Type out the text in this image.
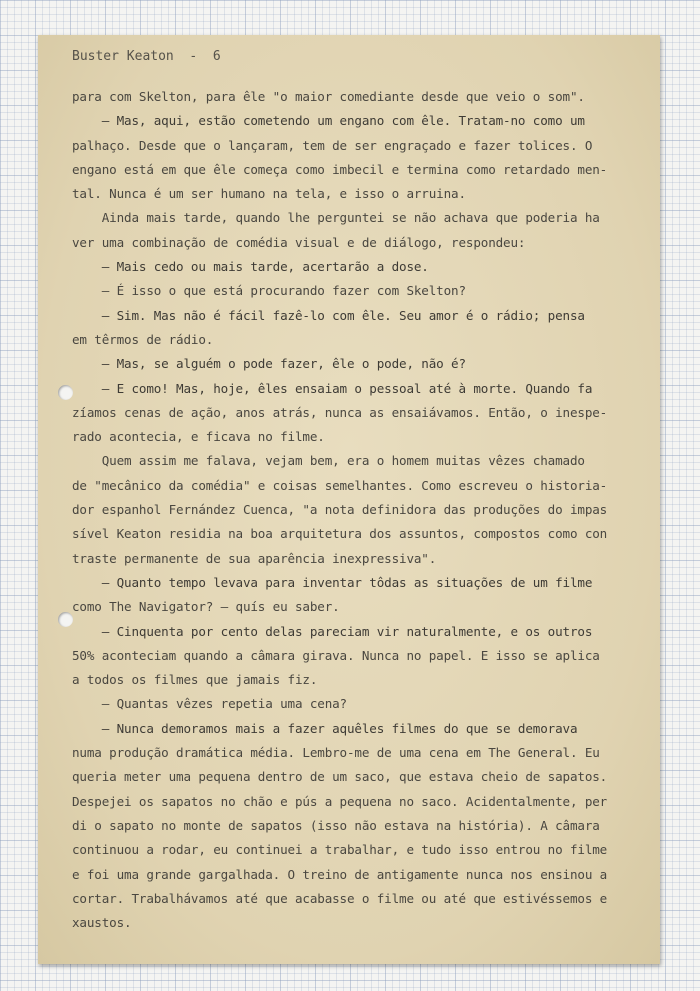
Buster Keaton  -  6
para com Skelton, para êle "o maior comediante desde que veio o som".
— Mas, aqui, estão cometendo um engano com êle. Tratam-no como um
palhaço. Desde que o lançaram, tem de ser engraçado e fazer tolices. O
engano está em que êle começa como imbecil e termina como retardado men-
tal. Nunca é um ser humano na tela, e isso o arruina.
Ainda mais tarde, quando lhe perguntei se não achava que poderia ha
ver uma combinação de comédia visual e de diálogo, respondeu:
— Mais cedo ou mais tarde, acertarão a dose.
— É isso o que está procurando fazer com Skelton?
— Sim. Mas não é fácil fazê-lo com êle. Seu amor é o rádio; pensa
em têrmos de rádio.
— Mas, se alguém o pode fazer, êle o pode, não é?
— E como! Mas, hoje, êles ensaiam o pessoal até à morte. Quando fa
zíamos cenas de ação, anos atrás, nunca as ensaiávamos. Então, o inespe-
rado acontecia, e ficava no filme.
Quem assim me falava, vejam bem, era o homem muitas vêzes chamado
de "mecânico da comédia" e coisas semelhantes. Como escreveu o historia-
dor espanhol Fernández Cuenca, "a nota definidora das produções do impas
sível Keaton residia na boa arquitetura dos assuntos, compostos como con
traste permanente de sua aparência inexpressiva".
— Quanto tempo levava para inventar tôdas as situações de um filme
como The Navigator? — quís eu saber.
— Cinquenta por cento delas pareciam vir naturalmente, e os outros
50% aconteciam quando a câmara girava. Nunca no papel. E isso se aplica
a todos os filmes que jamais fiz.
— Quantas vêzes repetia uma cena?
— Nunca demoramos mais a fazer aquêles filmes do que se demorava
numa produção dramática média. Lembro-me de uma cena em The General. Eu
queria meter uma pequena dentro de um saco, que estava cheio de sapatos.
Despejei os sapatos no chão e pús a pequena no saco. Acidentalmente, per
di o sapato no monte de sapatos (isso não estava na história). A câmara
continuou a rodar, eu continuei a trabalhar, e tudo isso entrou no filme
e foi uma grande gargalhada. O treino de antigamente nunca nos ensinou a
cortar. Trabalhávamos até que acabasse o filme ou até que estivéssemos e
xaustos.
